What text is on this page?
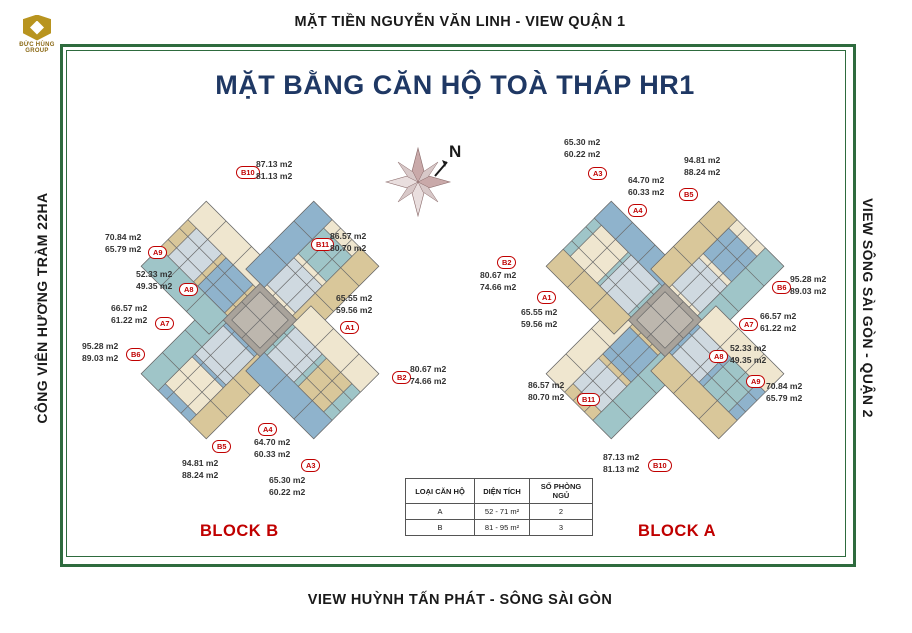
ĐỨC HÙNG
GROUP
MẶT TIỀN NGUYỄN VĂN LINH - VIEW QUẬN 1
VIEW HUỲNH TẤN PHÁT - SÔNG SÀI GÒN
CÔNG VIÊN HƯƠNG TRÀM 22HA	VIEW SÔNG SÀI GÒN - QUẬN 2
MẶT BẰNG CĂN HỘ TOÀ THÁP HR1
N
BLOCK B	BLOCK A
LOẠI CĂN HỘ	DIỆN TÍCH	SỐ PHÒNG NGỦ
A	52 - 71 m²	2
B	81 - 95 m²	3
B10
87.13 m2
81.13 m2
A9
70.84 m2
65.79 m2	B11
86.57 m2
80.70 m2
A8
52.33 m2
49.35 m2
A7
66.57 m2
61.22 m2
A1
65.55 m2
59.56 m2
B6
95.28 m2
89.03 m2
B2
80.67 m2
74.66 m2
A4
64.70 m2
60.33 m2
B5
94.81 m2
88.24 m2
A3
65.30 m2
60.22 m2
A3
65.30 m2
60.22 m2
A4
64.70 m2
60.33 m2	B5
94.81 m2
88.24 m2
B2
80.67 m2
74.66 m2
A1
65.55 m2
59.56 m2
B6
95.28 m2
89.03 m2
A7
66.57 m2
61.22 m2
A8
52.33 m2
49.35 m2
A9 70.84 m2
65.79 m2
B11
86.57 m2
80.70 m2
B10
87.13 m2
81.13 m2
